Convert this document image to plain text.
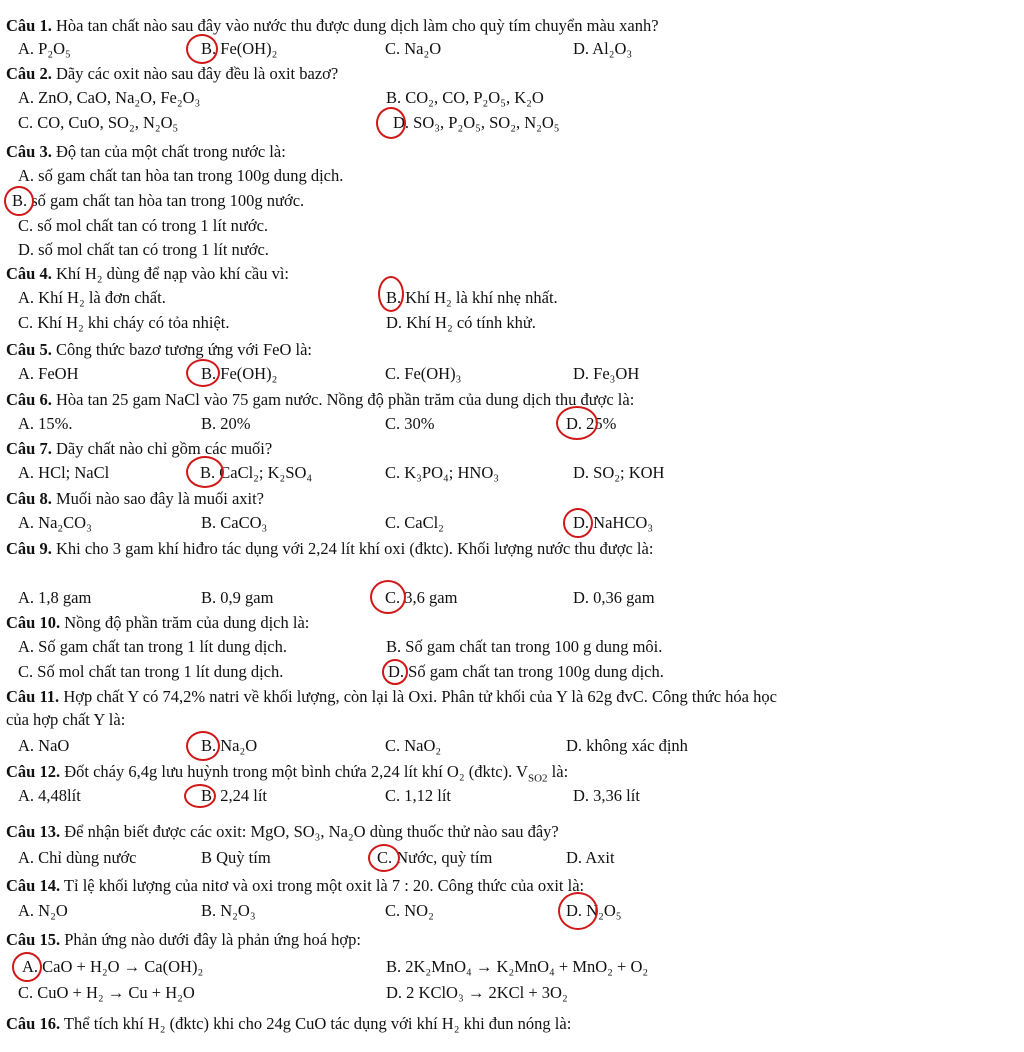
Câu 1. Hòa tan chất nào sau đây vào nước thu được dung dịch làm cho quỳ tím chuyển màu xanh?
A. P₂O₅	B. Fe(OH)₂	C. Na₂O	D. Al₂O₃
Câu 2. Dãy các oxit nào sau đây đều là oxit bazơ?
A. ZnO, CaO, Na₂O, Fe₂O₃	B. CO₂, CO, P₂O₅, K₂O
C. CO, CuO, SO₂, N₂O₅	D. SO₃, P₂O₅, SO₂, N₂O₅
Câu 3. Độ tan của một chất trong nước là:
A. số gam chất tan hòa tan trong 100g dung dịch.
B. số gam chất tan hòa tan trong 100g nước.
C. số mol chất tan có trong 1 lít nước.
D. số mol chất tan có trong 1 lít nước.
Câu 4. Khí H₂ dùng để nạp vào khí cầu vì:
A. Khí H₂ là đơn chất.	B. Khí H₂ là khí nhẹ nhất.
C. Khí H₂ khi cháy có tỏa nhiệt.	D. Khí H₂ có tính khử.
Câu 5. Công thức bazơ tương ứng với FeO là:
A. FeOH	B. Fe(OH)₂	C. Fe(OH)₃	D. Fe₃OH
Câu 6. Hòa tan 25 gam NaCl vào 75 gam nước. Nồng độ phần trăm của dung dịch thu được là:
A. 15%.	B. 20%	C. 30%	D. 25%
Câu 7. Dãy chất nào chỉ gồm các muối?
A. HCl; NaCl	B. CaCl₂; K₂SO₄	C. K₃PO₄; HNO₃	D. SO₂; KOH
Câu 8. Muối nào sao đây là muối axit?
A. Na₂CO₃	B. CaCO₃	C. CaCl₂	D. NaHCO₃
Câu 9. Khi cho 3 gam khí hiđro tác dụng với 2,24 lít khí oxi (đktc). Khối lượng nước thu được là:
A. 1,8 gam	B. 0,9 gam	C. 3,6 gam	D. 0,36 gam
Câu 10. Nồng độ phần trăm của dung dịch là:
A. Số gam chất tan trong 1 lít dung dịch.	B. Số gam chất tan trong 100 g dung môi.
C. Số mol chất tan trong 1 lít dung dịch.	D. Số gam chất tan trong 100g dung dịch.
Câu 11. Hợp chất Y có 74,2% natri về khối lượng, còn lại là Oxi. Phân tử khối của Y là 62g đvC. Công thức hóa học của hợp chất Y là:
A. NaO	B. Na₂O	C. NaO₂	D. không xác định
Câu 12. Đốt cháy 6,4g lưu huỳnh trong một bình chứa 2,24 lít khí O₂ (đktc). $V_{SO2}$ là:
A. 4,48lít	B. 2,24 lít	C. 1,12 lít	D. 3,36 lít
Câu 13. Để nhận biết được các oxit: MgO, SO₃, Na₂O dùng thuốc thử nào sau đây?
A. Chỉ dùng nước	B Quỳ tím	C. Nước, quỳ tím	D. Axit
Câu 14. Tỉ lệ khối lượng của nitơ và oxi trong một oxit là 7 : 20. Công thức của oxit là:
A. N₂O	B. N₂O₃	C. NO₂	D. N₂O₅
Câu 15. Phản ứng nào dưới đây là phản ứng hoá hợp:
A. CaO + H₂O → Ca(OH)₂	B. 2K₂MnO₄ → K₂MnO₄ + MnO₂ + O₂
C. CuO + H₂ → Cu + H₂O	D. 2 KClO₃ → 2KCl + 3O₂
Câu 16. Thể tích khí H₂ (đktc) khi cho 24g CuO tác dụng với khí H₂ khi đun nóng là:
